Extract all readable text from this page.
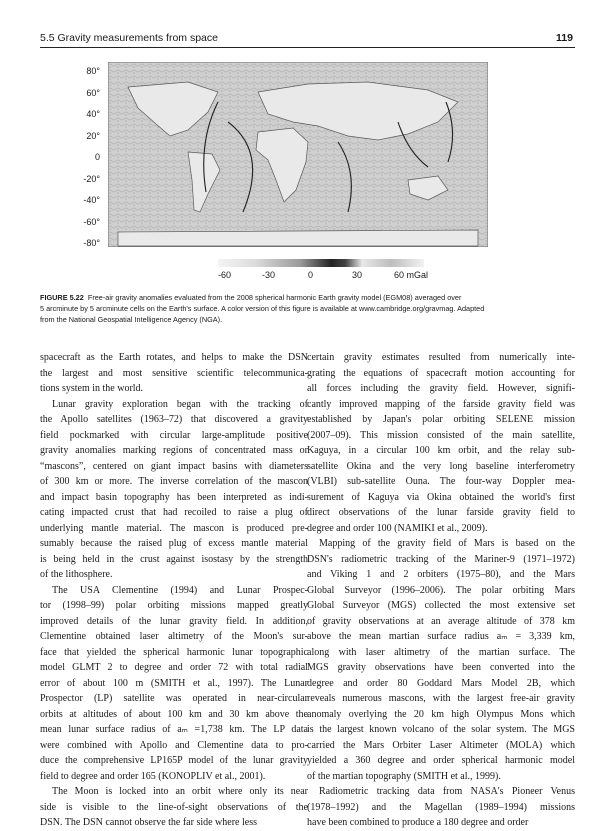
5.5 Gravity measurements from space	119
80°
60°
40°
20°
0
-20°
-40°
-60°
-80°
-60	-30	0	30	60 mGal
FIGURE 5.22 Free-air gravity anomalies evaluated from the 2008 spherical harmonic Earth gravity model (EGM08) averaged over
5 arcminute by 5 arcminute cells on the Earth's surface. A color version of this figure is available at www.cambridge.org/gravmag. Adapted
from the National Geospatial Intelligence Agency (NGA).
spacecraft as the Earth rotates, and helps to make the DSN
the largest and most sensitive scientific telecommunica-
tions system in the world.
Lunar gravity exploration began with the tracking of
the Apollo satellites (1963–72) that discovered a gravity
field pockmarked with circular large-amplitude positive
gravity anomalies marking regions of concentrated mass or
“mascons”, centered on giant impact basins with diameters
of 300 km or more. The inverse correlation of the mascon
and impact basin topography has been interpreted as indi-
cating impacted crust that had recoiled to raise a plug of
underlying mantle material. The mascon is produced pre-
sumably because the raised plug of excess mantle material
is being held in the crust against isostasy by the strength
of the lithosphere.
The USA Clementine (1994) and Lunar Prospec-
tor (1998–99) polar orbiting missions mapped greatly
improved details of the lunar gravity field. In addition,
Clementine obtained laser altimetry of the Moon's sur-
face that yielded the spherical harmonic lunar topographic
model GLMT 2 to degree and order 72 with total radial
error of about 100 m (SMITH et al., 1997). The Lunar
Prospector (LP) satellite was operated in near-circular
orbits at altitudes of about 100 km and 30 km above the
mean lunar surface radius of aₘ =1,738 km. The LP data
were combined with Apollo and Clementine data to pro-
duce the comprehensive LP165P model of the lunar gravity
field to degree and order 165 (KONOPLIV et al., 2001).
The Moon is locked into an orbit where only its near
side is visible to the line-of-sight observations of the
DSN. The DSN cannot observe the far side where less
certain gravity estimates resulted from numerically inte-
grating the equations of spacecraft motion accounting for
all forces including the gravity field. However, signifi-
cantly improved mapping of the farside gravity field was
established by Japan's polar orbiting SELENE mission
(2007–09). This mission consisted of the main satellite,
Kaguya, in a circular 100 km orbit, and the relay sub-
satellite Okina and the very long baseline interferometry
(VLBI) sub-satellite Ouna. The four-way Doppler mea-
surement of Kaguya via Okina obtained the world's first
direct observations of the lunar farside gravity field to
degree and order 100 (NAMIKI et al., 2009).
Mapping of the gravity field of Mars is based on the
DSN's radiometric tracking of the Mariner-9 (1971–1972)
and Viking 1 and 2 orbiters (1975–80), and the Mars
Global Surveyor (1996–2006). The polar orbiting Mars
Global Surveyor (MGS) collected the most extensive set
of gravity observations at an average altitude of 378 km
above the mean martian surface radius aₘ = 3,339 km,
along with laser altimetry of the martian surface. The
MGS gravity observations have been converted into the
degree and order 80 Goddard Mars Model 2B, which
reveals numerous mascons, with the largest free-air gravity
anomaly overlying the 20 km high Olympus Mons which
is the largest known volcano of the solar system. The MGS
carried the Mars Orbiter Laser Altimeter (MOLA) which
yielded a 360 degree and order spherical harmonic model
of the martian topography (SMITH et al., 1999).
Radiometric tracking data from NASA's Pioneer Venus
(1978–1992) and the Magellan (1989–1994) missions
have been combined to produce a 180 degree and order
